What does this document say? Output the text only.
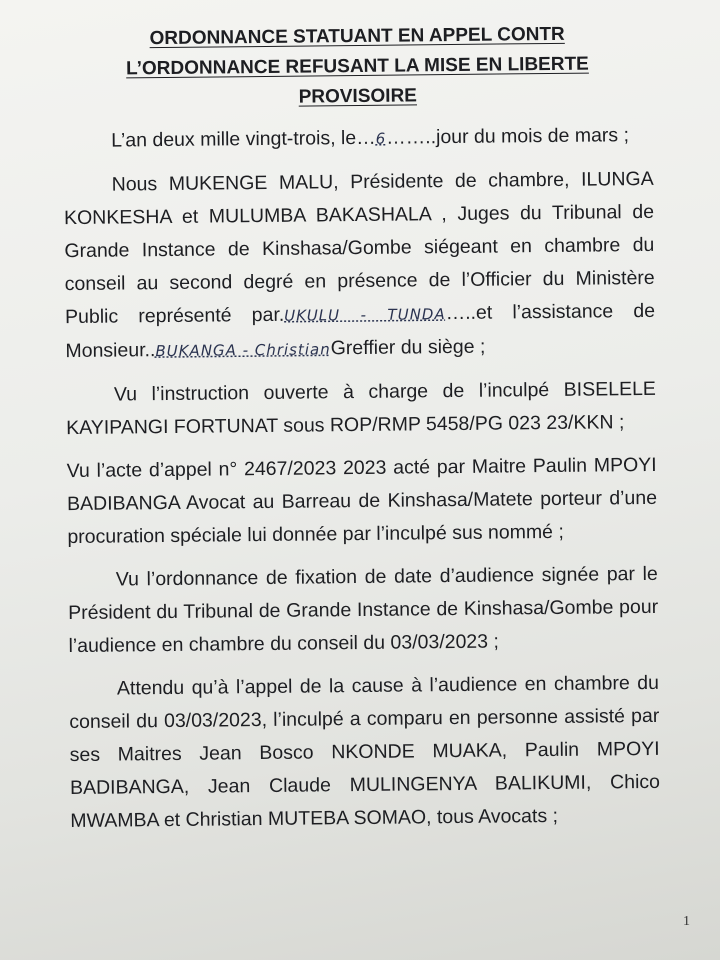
ORDONNANCE STATUANT EN APPEL CONTR
L’ORDONNANCE REFUSANT LA MISE EN LIBERTE
PROVISOIRE

L’an deux mille vingt-trois, le…6……..jour du mois de mars ;

Nous MUKENGE MALU, Présidente de chambre, ILUNGA KONKESHA et MULUMBA BAKASHALA , Juges du Tribunal de Grande Instance de Kinshasa/Gombe siégeant en chambre du conseil au second degré en présence de l’Officier du Ministère Public représenté par.UKULU - TUNDA…..et l’assistance de Monsieur..BUKANGA - ChristianGreffier du siège ;

Vu l’instruction ouverte à charge de l’inculpé BISELELE KAYIPANGI FORTUNAT sous ROP/RMP 5458/PG 023 23/KKN ;

Vu l’acte d’appel n° 2467/2023 2023 acté par Maitre Paulin MPOYI BADIBANGA Avocat au Barreau de Kinshasa/Matete porteur d’une procuration spéciale lui donnée par l’inculpé sus nommé ;

Vu l’ordonnance de fixation de date d’audience signée par le Président du Tribunal de Grande Instance de Kinshasa/Gombe pour l’audience en chambre du conseil du 03/03/2023 ;

Attendu qu’à l’appel de la cause à l’audience en chambre du conseil du 03/03/2023, l’inculpé a comparu en personne assisté par ses Maitres Jean Bosco NKONDE MUAKA, Paulin MPOYI BADIBANGA, Jean Claude MULINGENYA BALIKUMI, Chico MWAMBA et Christian MUTEBA SOMAO, tous Avocats ;

1
